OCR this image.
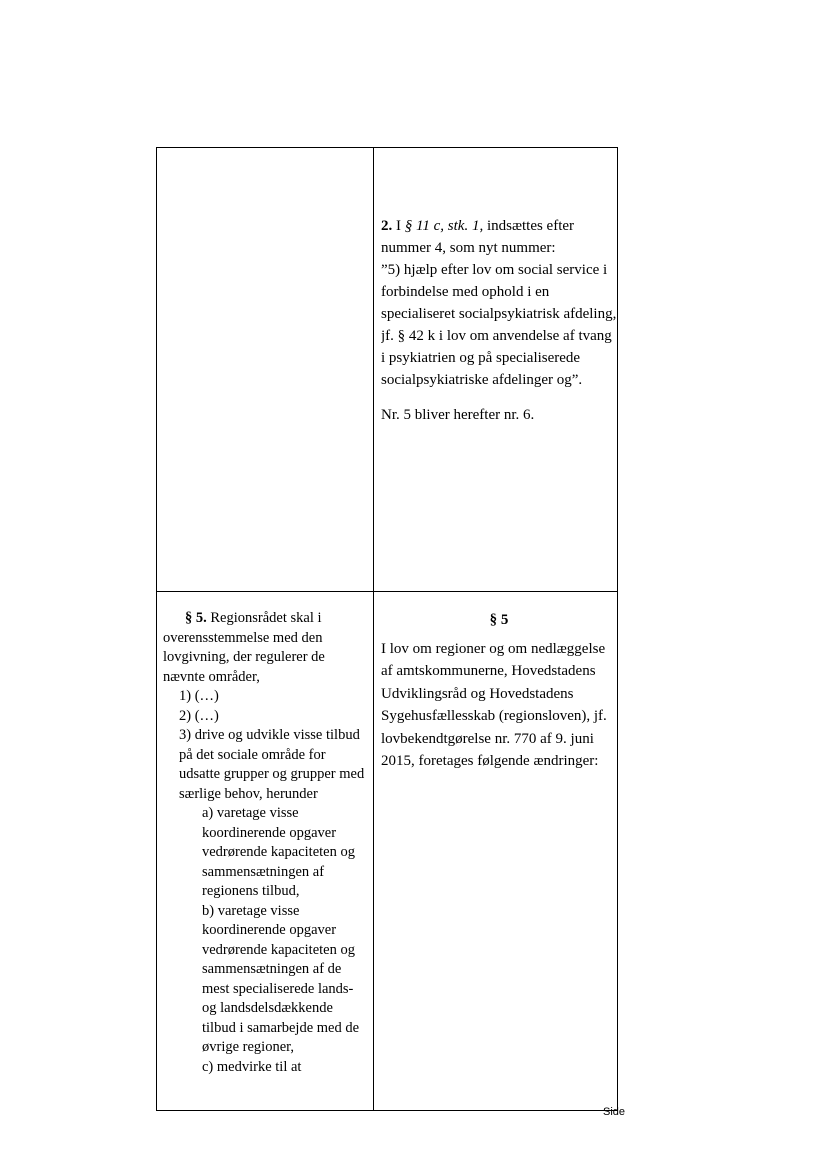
2. I § 11 c, stk. 1, indsættes efter nummer 4, som nyt nummer:

”5) hjælp efter lov om social service i forbindelse med ophold i en specialiseret socialpsykiatrisk afdeling, jf. § 42 k i lov om anvendelse af tvang i psykiatrien og på specialiserede socialpsykiatriske afdelinger og”.

Nr. 5 bliver herefter nr. 6.

§ 5. Regionsrådet skal i overensstemmelse med den lovgivning, der regulerer de nævnte områder,

1) (…)

2) (…)

3) drive og udvikle visse tilbud på det sociale område for udsatte grupper og grupper med særlige behov, herunder

a) varetage visse koordinerende opgaver vedrørende kapaciteten og sammensætningen af regionens tilbud,

b) varetage visse koordinerende opgaver vedrørende kapaciteten og sammensætningen af de mest specialiserede lands- og landsdelsdækkende tilbud i samarbejde med de øvrige regioner,

c) medvirke til at

§ 5

I lov om regioner og om nedlæggelse af amtskommunerne, Hovedstadens Udviklingsråd og Hovedstadens Sygehusfællesskab (regionsloven), jf. lovbekendtgørelse nr. 770 af 9. juni 2015, foretages følgende ændringer:

Side
